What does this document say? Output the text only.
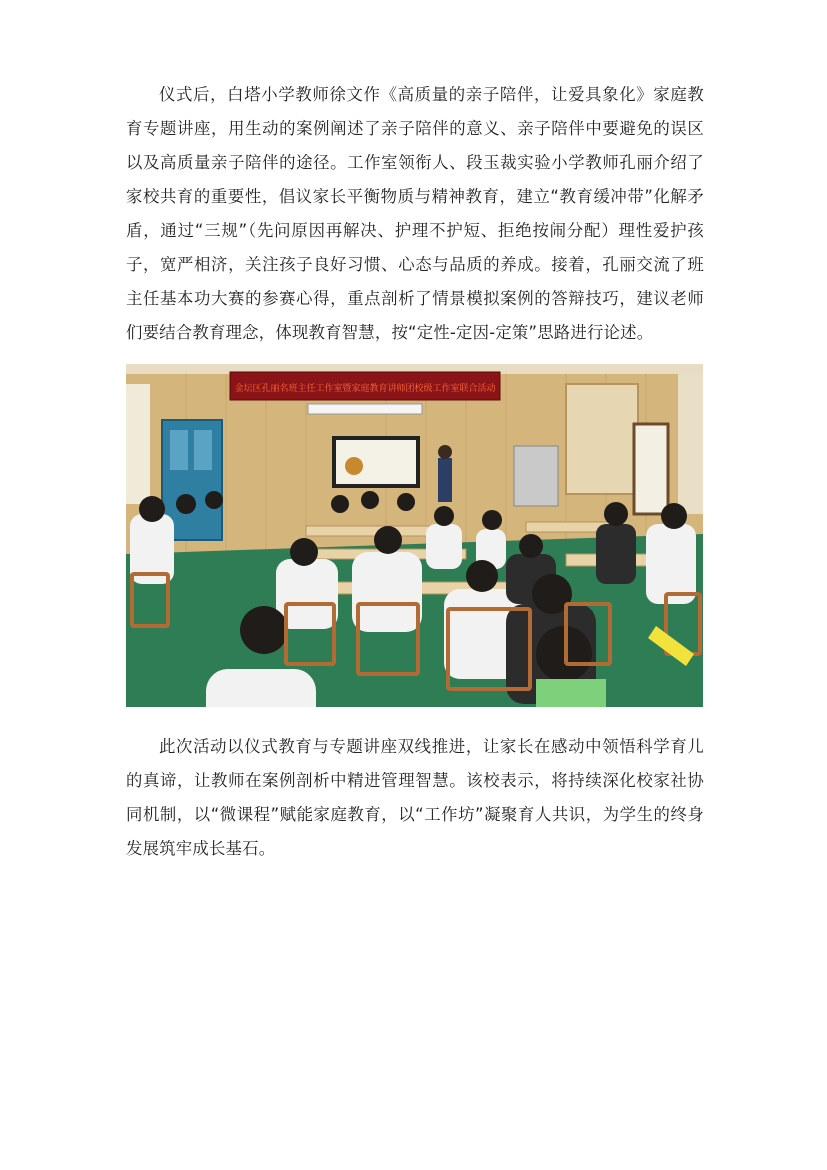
仪式后，白塔小学教师徐文作《高质量的亲子陪伴，让爱具象化》家庭教育专题讲座，用生动的案例阐述了亲子陪伴的意义、亲子陪伴中要避免的误区以及高质量亲子陪伴的途径。工作室领衔人、段玉裁实验小学教师孔丽介绍了家校共育的重要性，倡议家长平衡物质与精神教育，建立“教育缓冲带”化解矛盾，通过“三规”（先问原因再解决、护理不护短、拒绝按闹分配）理性爱护孩子，宽严相济，关注孩子良好习惯、心态与品质的养成。接着，孔丽交流了班主任基本功大赛的参赛心得，重点剖析了情景模拟案例的答辩技巧，建议老师们要结合教育理念，体现教育智慧，按“定性-定因-定策”思路进行论述。

金坛区孔丽名班主任工作室暨家庭教育讲师团校级工作室联合活动

此次活动以仪式教育与专题讲座双线推进，让家长在感动中领悟科学育儿的真谛，让教师在案例剖析中精进管理智慧。该校表示，将持续深化校家社协同机制，以“微课程”赋能家庭教育，以“工作坊”凝聚育人共识，为学生的终身发展筑牢成长基石。
